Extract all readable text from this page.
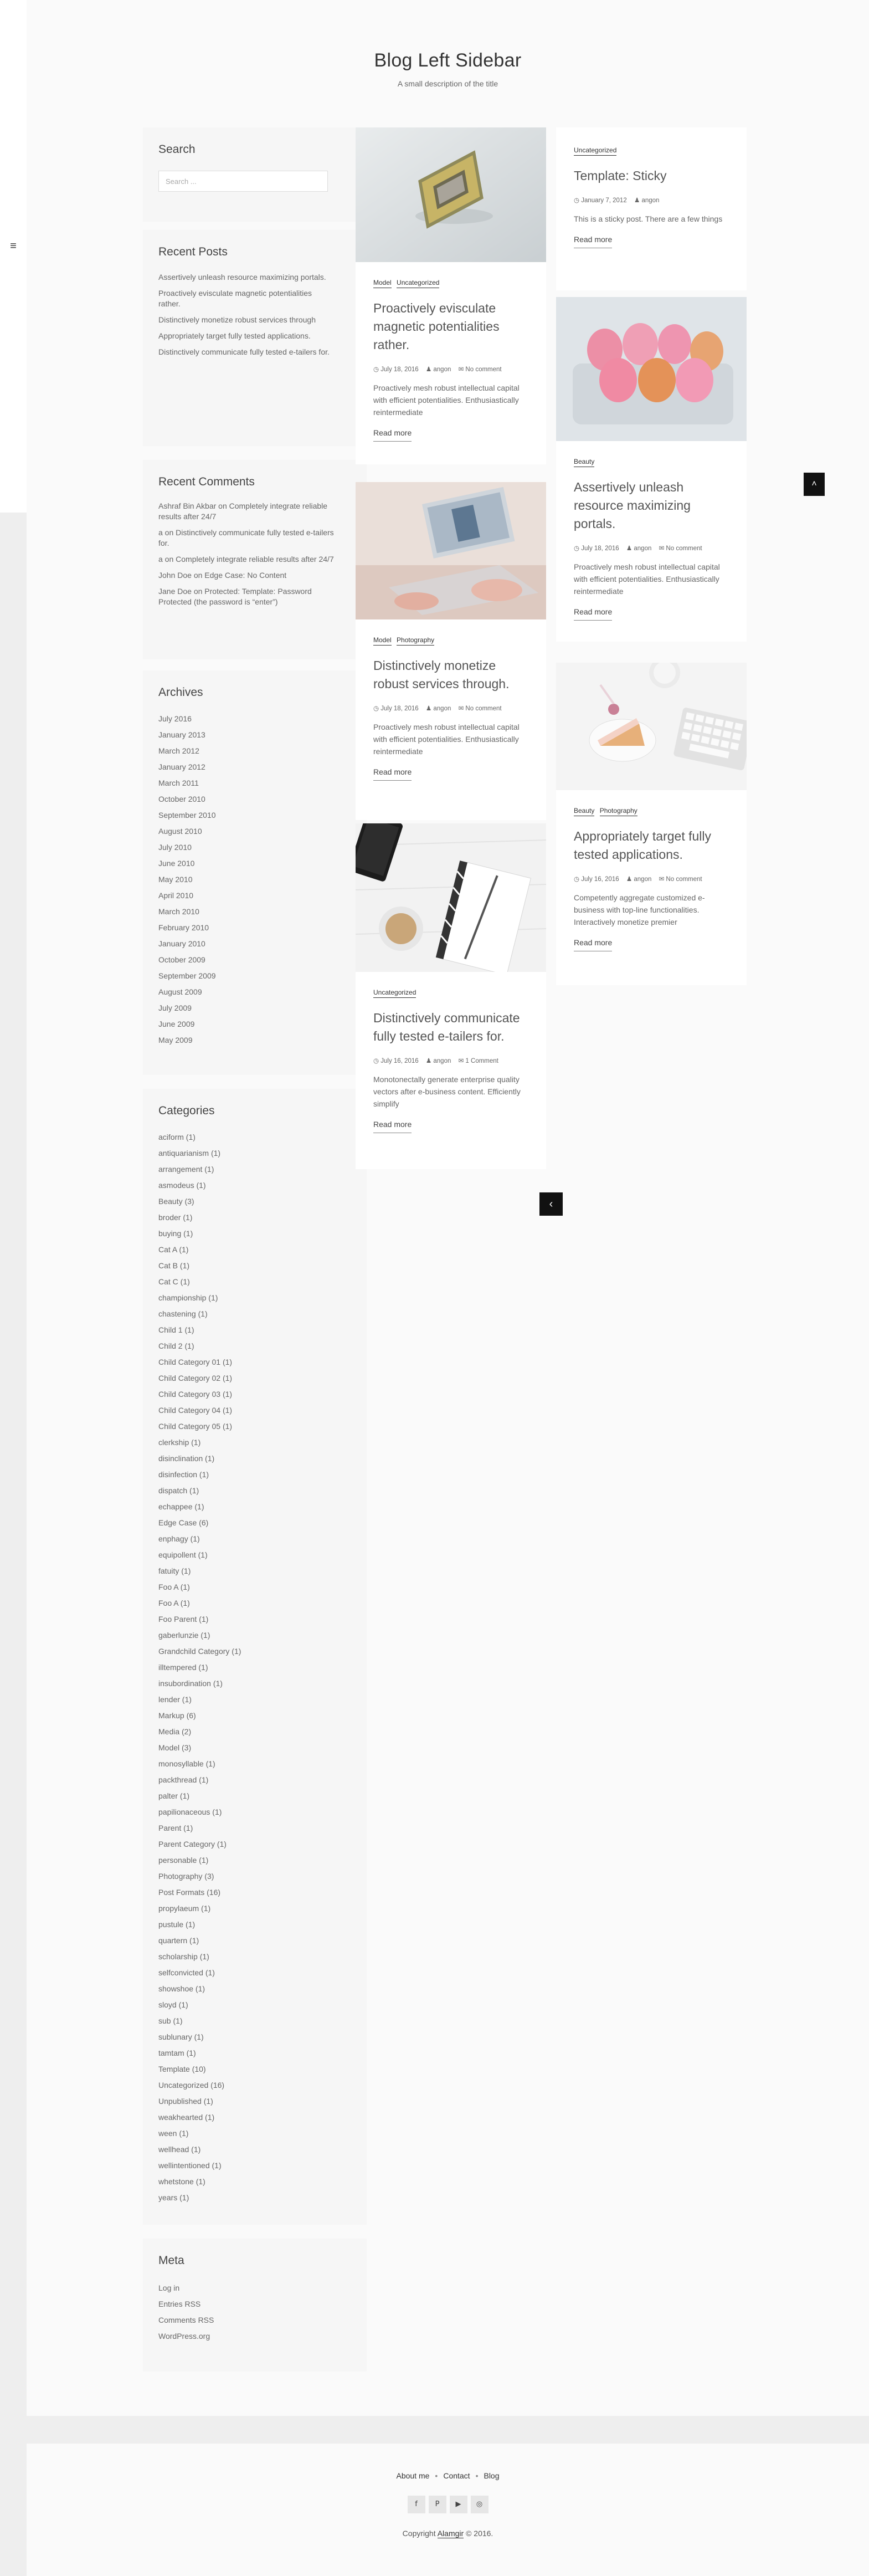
≡
Blog Left Sidebar
A small description of the title
Search
Search ...
Recent Posts
Assertively unleash resource maximizing portals.
Proactively evisculate magnetic potentialities rather.
Distinctively monetize robust services through
Appropriately target fully tested applications.
Distinctively communicate fully tested e-tailers for.
Recent Comments
Ashraf Bin Akbar on Completely integrate reliable results after 24/7
a on Distinctively communicate fully tested e-tailers for.
a on Completely integrate reliable results after 24/7
John Doe on Edge Case: No Content
Jane Doe on Protected: Template: Password Protected (the password is “enter”)
Archives
July 2016
January 2013
March 2012
January 2012
March 2011
October 2010
September 2010
August 2010
July 2010
June 2010
May 2010
April 2010
March 2010
February 2010
January 2010
October 2009
September 2009
August 2009
July 2009
June 2009
May 2009
Categories
aciform (1)
antiquarianism (1)
arrangement (1)
asmodeus (1)
Beauty (3)
broder (1)
buying (1)
Cat A (1)
Cat B (1)
Cat C (1)
championship (1)
chastening (1)
Child 1 (1)
Child 2 (1)
Child Category 01 (1)
Child Category 02 (1)
Child Category 03 (1)
Child Category 04 (1)
Child Category 05 (1)
clerkship (1)
disinclination (1)
disinfection (1)
dispatch (1)
echappee (1)
Edge Case (6)
enphagy (1)
equipollent (1)
fatuity (1)
Foo A (1)
Foo A (1)
Foo Parent (1)
gaberlunzie (1)
Grandchild Category (1)
illtempered (1)
insubordination (1)
lender (1)
Markup (6)
Media (2)
Model (3)
monosyllable (1)
packthread (1)
palter (1)
papilionaceous (1)
Parent (1)
Parent Category (1)
personable (1)
Photography (3)
Post Formats (16)
propylaeum (1)
pustule (1)
quartern (1)
scholarship (1)
selfconvicted (1)
showshoe (1)
sloyd (1)
sub (1)
sublunary (1)
tamtam (1)
Template (10)
Uncategorized (16)
Unpublished (1)
weakhearted (1)
ween (1)
wellhead (1)
wellintentioned (1)
whetstone (1)
years (1)
Meta
Log in
Entries RSS
Comments RSS
WordPress.org
Model Uncategorized
Proactively evisculate magnetic potentialities rather.
◷ July 18, 2016 ♟ angon ✉ No comment

Proactively mesh robust intellectual capital with efficient potentialities. Enthusiastically reintermediate

Read more
Model Photography
Distinctively monetize robust services through.
◷ July 18, 2016 ♟ angon ✉ No comment

Proactively mesh robust intellectual capital with efficient potentialities. Enthusiastically reintermediate

Read more
Uncategorized
Distinctively communicate fully tested e-tailers for.
◷ July 16, 2016 ♟ angon ✉ 1 Comment

Monotonectally generate enterprise quality vectors after e-business content. Efficiently simplify

Read more
Uncategorized
Template: Sticky
◷ January 7, 2012 ♟ angon

This is a sticky post. There are a few things

Read more
Beauty
Assertively unleash resource maximizing portals.
◷ July 18, 2016 ♟ angon ✉ No comment

Proactively mesh robust intellectual capital with efficient potentialities. Enthusiastically reintermediate

Read more
Beauty Photography
Appropriately target fully tested applications.
◷ July 16, 2016 ♟ angon ✉ No comment

Competently aggregate customized e-business with top-line functionalities. Interactively monetize premier

Read more
‹
˄
About me • Contact • Blog
f	P	▶	◎
Copyright Alamgir © 2016.
